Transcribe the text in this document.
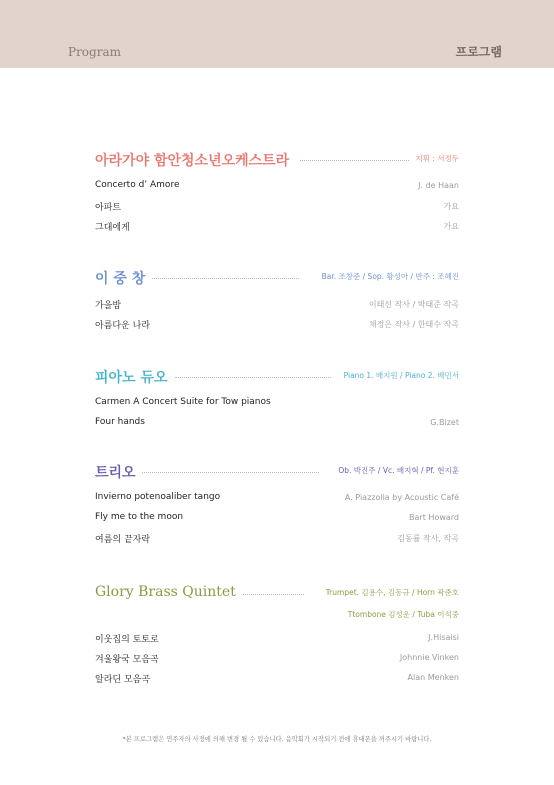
Program	프로그램
아라가야 함안청소년오케스트라	지휘 : 서정두
Concerto d’ Amore	J. de Haan
아파트	가요
그대에게	가요
이 중 창	Bar. 조창준 / Sop. 황성아 / 반주 : 조혜진
가을밤	이태선 작사 / 박태준 작곡
아름다운 나라	채정은 작사 / 한태수 작곡
피아노 듀오	Piano 1. 배지원 / Piano 2. 배민서
Carmen A Concert Suite for Tow pianos
Four hands	G.Bizet
트리오	Ob. 박진주 / Vc. 배지혁 / Pf. 현지훈
Invierno potenoaliber tango	A. Piazzolla by Acoustic Café
Fly me to the moon	Bart Howard
여름의 끝자락	김동률 작사, 작곡
Glory Brass Quintet	Trumpet. 김용수, 김동규 / Horn 곽준호
Ttombone 김성운 / Tuba 이석중
이웃집의 토토로	J.Hisaisi
겨울왕국 모음곡	Johnnie Vinken
알라딘 모음곡	Alan Menken
*본 프로그램은 연주자의 사정에 의해 변경 될 수 있습니다. 음악회가 시작되기 전에 휴대폰을 꺼주시기 바랍니다.
